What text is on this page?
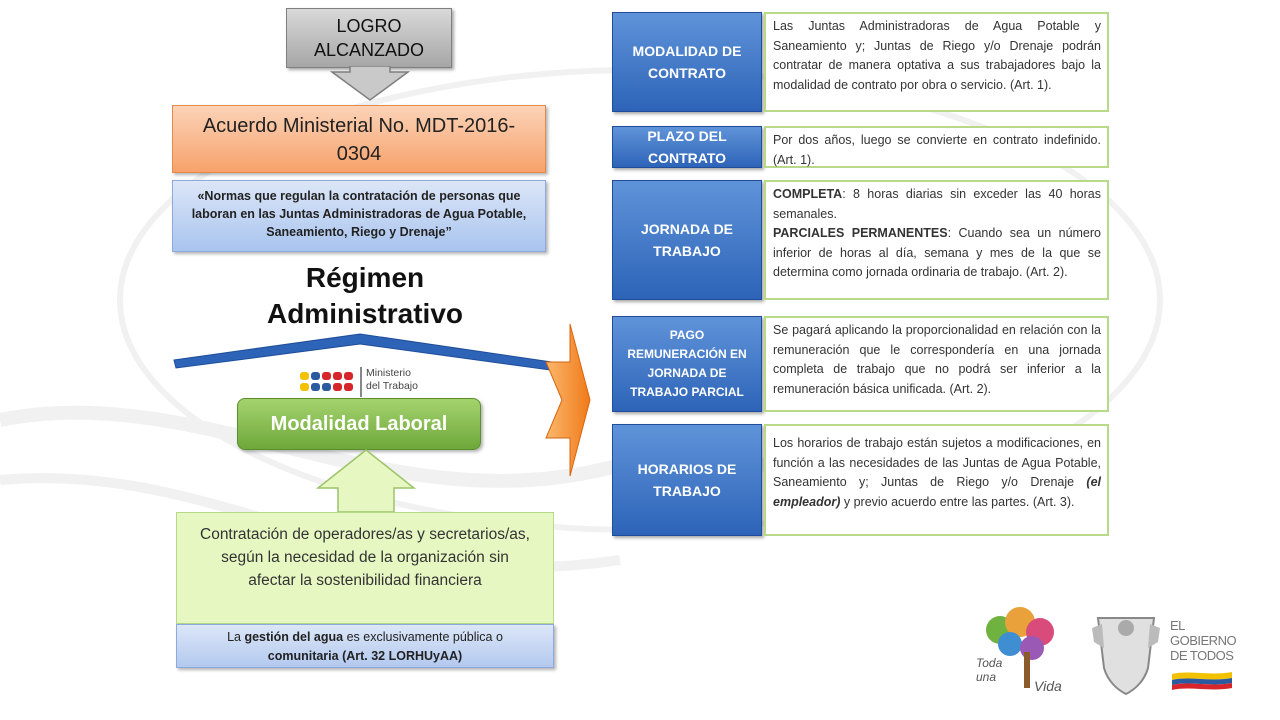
LOGRO
ALCANZADO
Acuerdo Ministerial No. MDT-2016-
0304
«Normas que regulan la contratación de personas que laboran en las Juntas Administradoras de Agua Potable, Saneamiento, Riego y Drenaje”
Régimen
Administrativo
Ministerio
del Trabajo
Modalidad Laboral
Contratación de operadores/as y secretarios/as, según la necesidad de la organización sin afectar la sostenibilidad financiera
La gestión del agua es exclusivamente pública o
comunitaria (Art. 32 LORHUyAA)
MODALIDAD DE CONTRATO
Las Juntas Administradoras de Agua Potable y Saneamiento y; Juntas de Riego y/o Drenaje podrán contratar de manera optativa a sus trabajadores bajo la modalidad de contrato por obra o servicio. (Art. 1).
PLAZO DEL CONTRATO
Por dos años, luego se convierte en contrato indefinido. (Art. 1).
JORNADA DE TRABAJO
COMPLETA: 8 horas diarias sin exceder las 40 horas semanales.
PARCIALES PERMANENTES: Cuando sea un número inferior de horas al día, semana y mes de la que se determina como jornada ordinaria de trabajo. (Art. 2).
PAGO REMUNERACIÓN EN JORNADA DE TRABAJO PARCIAL
Se pagará aplicando la proporcionalidad en relación con la remuneración que le correspondería en una jornada completa de trabajo que no podrá ser inferior a la remuneración básica unificada. (Art. 2).
HORARIOS DE TRABAJO
Los horarios de trabajo están sujetos a modificaciones, en función a las necesidades de las Juntas de Agua Potable, Saneamiento y; Juntas de Riego y/o Drenaje (el empleador) y previo acuerdo entre las partes. (Art. 3).
Toda
una
Vida
EL
GOBIERNO
DE TODOS
